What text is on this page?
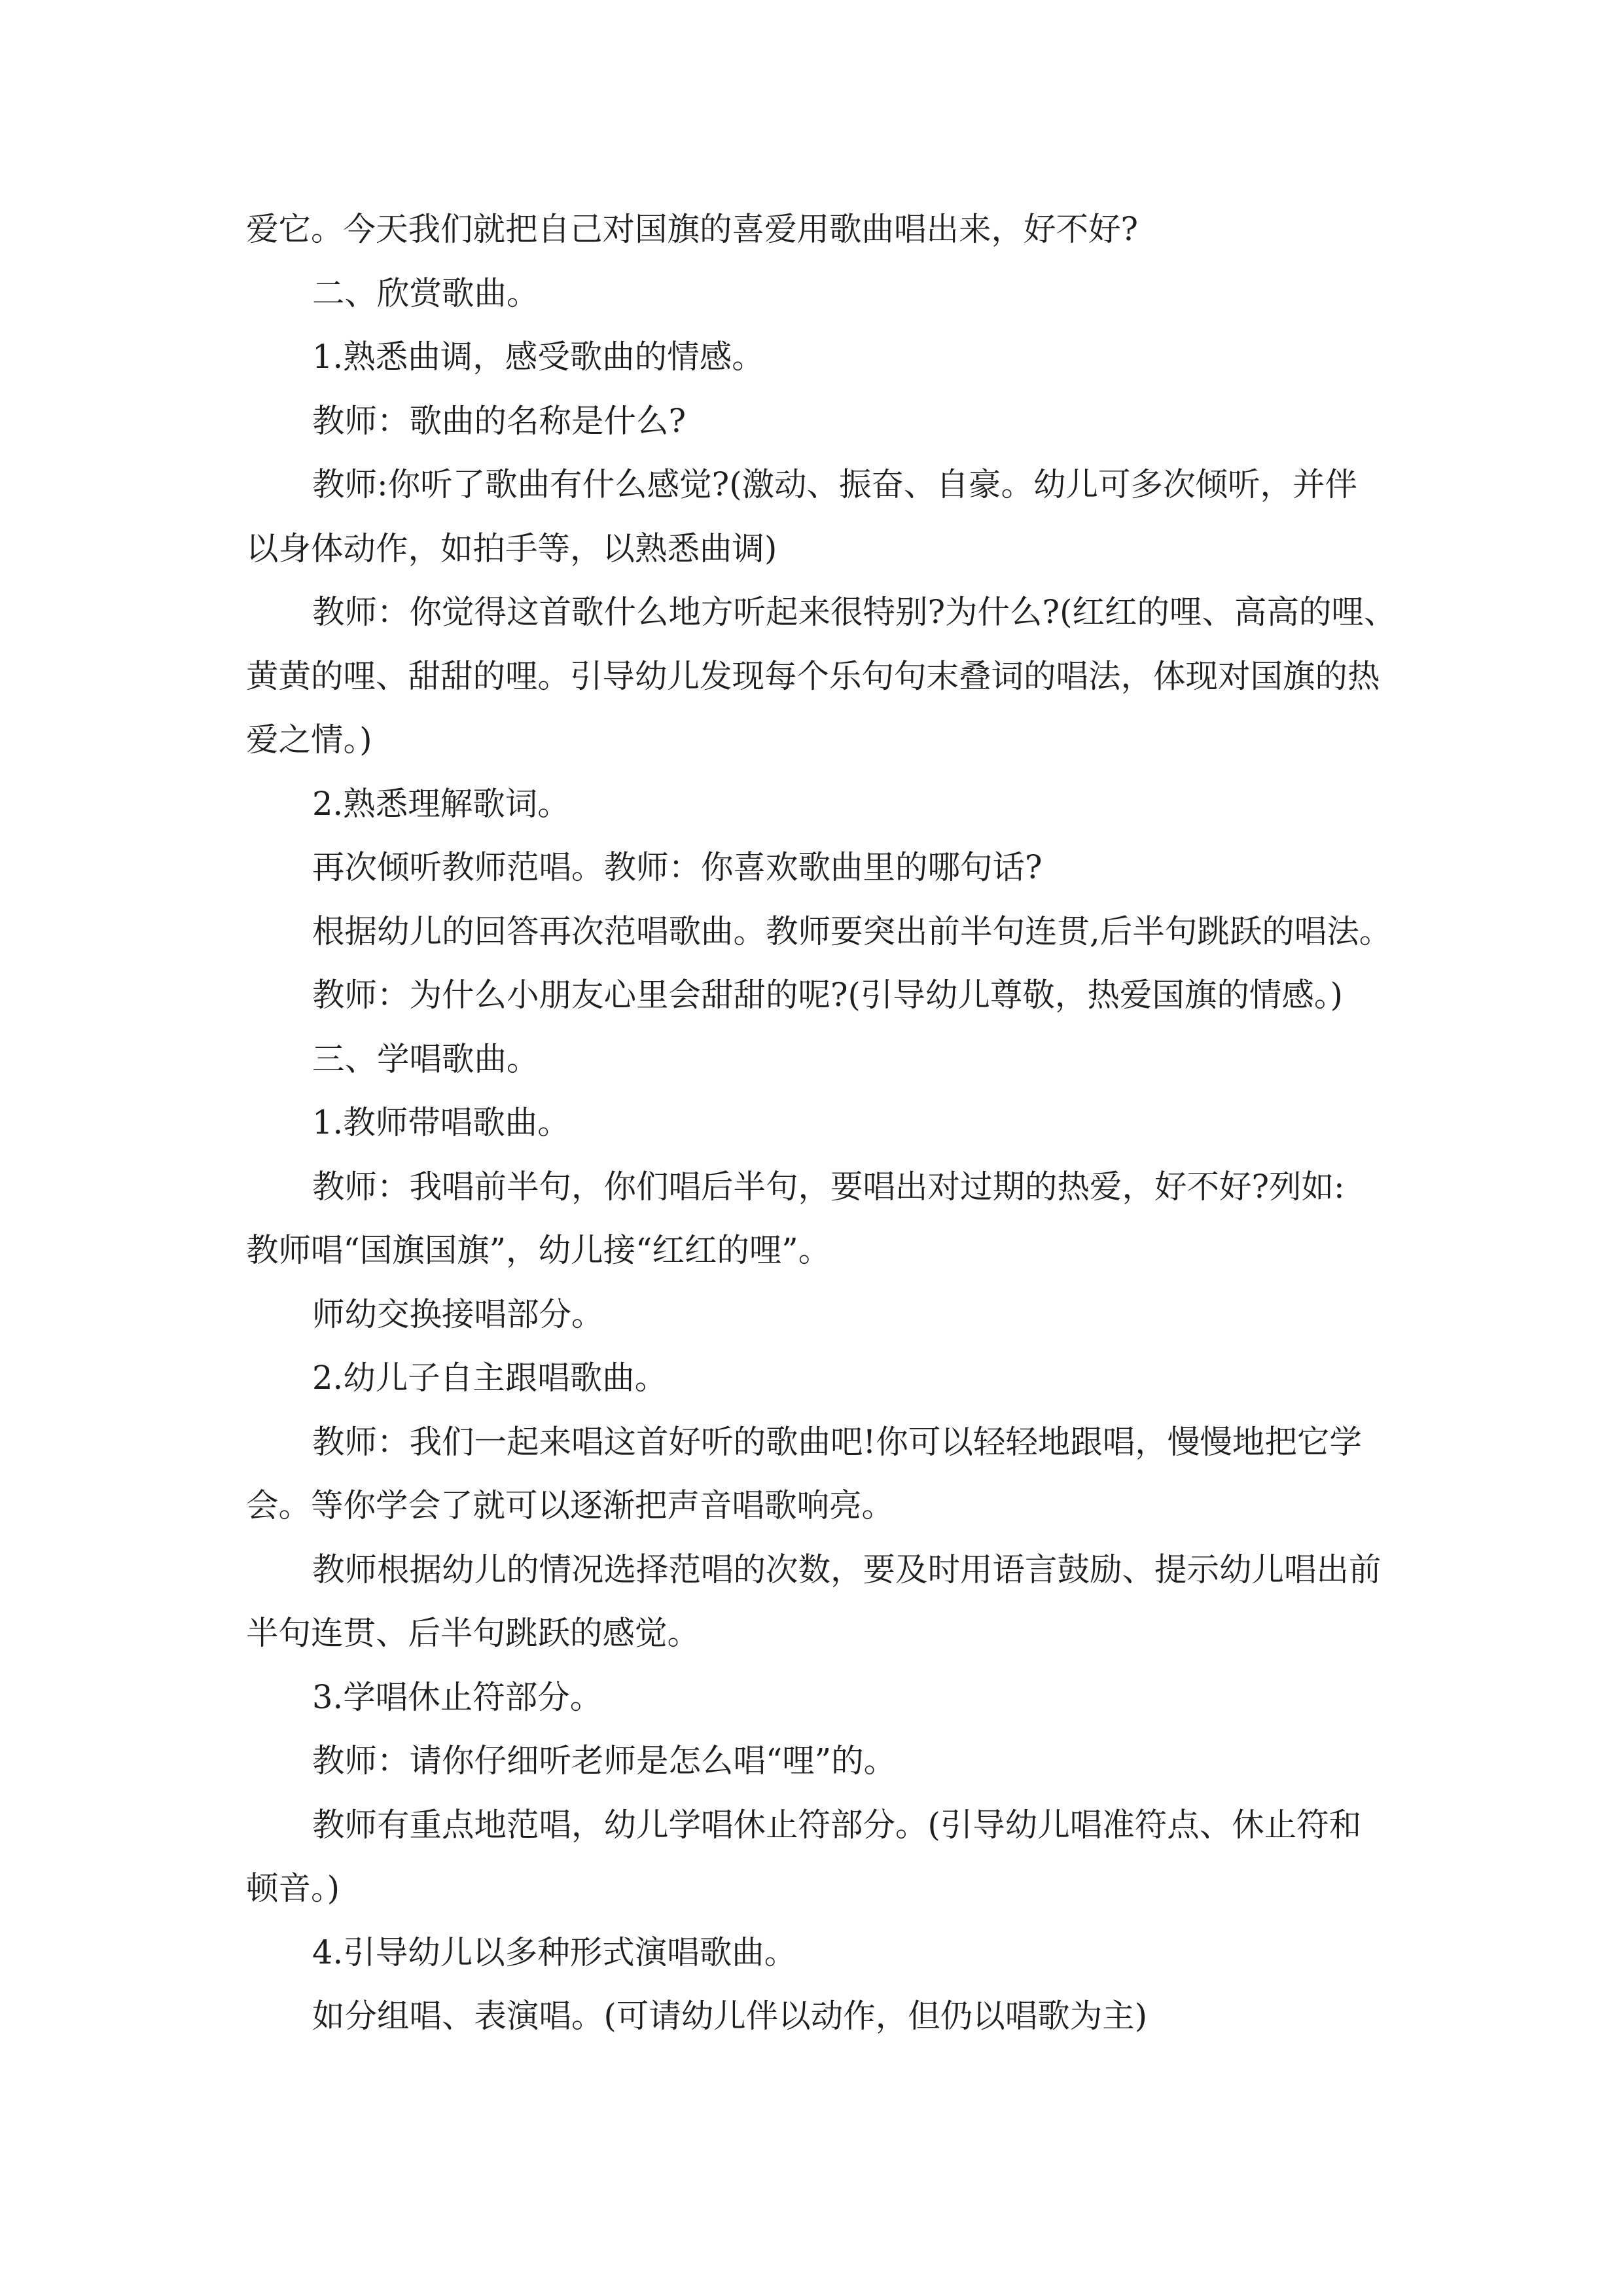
爱它。今天我们就把自己对国旗的喜爱用歌曲唱出来，好不好?

二、欣赏歌曲。

1.熟悉曲调，感受歌曲的情感。

教师：歌曲的名称是什么?

教师:你听了歌曲有什么感觉?(激动、振奋、自豪。幼儿可多次倾听，并伴
以身体动作，如拍手等，以熟悉曲调)

教师：你觉得这首歌什么地方听起来很特别?为什么?(红红的哩、高高的哩、
黄黄的哩、甜甜的哩。引导幼儿发现每个乐句句末叠词的唱法，体现对国旗的热
爱之情。)

2.熟悉理解歌词。

再次倾听教师范唱。教师：你喜欢歌曲里的哪句话?

根据幼儿的回答再次范唱歌曲。教师要突出前半句连贯,后半句跳跃的唱法。

教师：为什么小朋友心里会甜甜的呢?(引导幼儿尊敬，热爱国旗的情感。)

三、学唱歌曲。

1.教师带唱歌曲。

教师：我唱前半句，你们唱后半句，要唱出对过期的热爱，好不好?列如:
教师唱“国旗国旗”，幼儿接“红红的哩”。

师幼交换接唱部分。

2.幼儿子自主跟唱歌曲。

教师：我们一起来唱这首好听的歌曲吧!你可以轻轻地跟唱，慢慢地把它学
会。等你学会了就可以逐渐把声音唱歌响亮。

教师根据幼儿的情况选择范唱的次数，要及时用语言鼓励、提示幼儿唱出前
半句连贯、后半句跳跃的感觉。

3.学唱休止符部分。

教师：请你仔细听老师是怎么唱“哩”的。

教师有重点地范唱，幼儿学唱休止符部分。(引导幼儿唱准符点、休止符和
顿音。)

4.引导幼儿以多种形式演唱歌曲。

如分组唱、表演唱。(可请幼儿伴以动作，但仍以唱歌为主)
